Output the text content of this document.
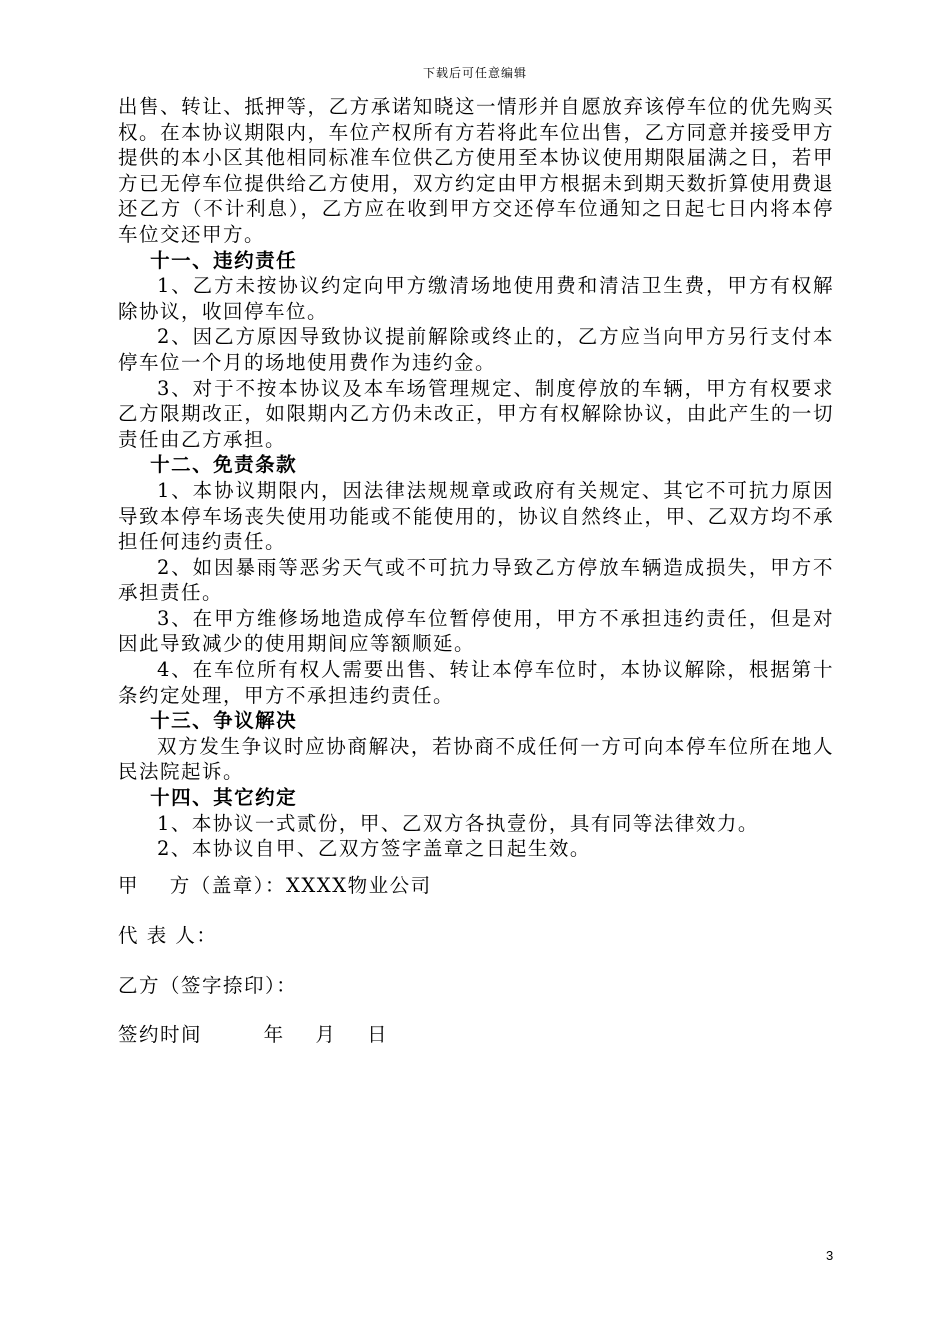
下载后可任意编辑

出售、转让、抵押等，乙方承诺知晓这一情形并自愿放弃该停车位的优先购买权。在本协议期限内，车位产权所有方若将此车位出售，乙方同意并接受甲方提供的本小区其他相同标准车位供乙方使用至本协议使用期限届满之日，若甲方已无停车位提供给乙方使用，双方约定由甲方根据未到期天数折算使用费退还乙方（不计利息），乙方应在收到甲方交还停车位通知之日起七日内将本停车位交还甲方。

十一、违约责任

1、乙方未按协议约定向甲方缴清场地使用费和清洁卫生费，甲方有权解除协议，收回停车位。

2、因乙方原因导致协议提前解除或终止的，乙方应当向甲方另行支付本停车位一个月的场地使用费作为违约金。

3、对于不按本协议及本车场管理规定、制度停放的车辆，甲方有权要求乙方限期改正，如限期内乙方仍未改正，甲方有权解除协议，由此产生的一切责任由乙方承担。

十二、免责条款

1、本协议期限内，因法律法规规章或政府有关规定、其它不可抗力原因导致本停车场丧失使用功能或不能使用的，协议自然终止，甲、乙双方均不承担任何违约责任。

2、如因暴雨等恶劣天气或不可抗力导致乙方停放车辆造成损失，甲方不承担责任。

3、在甲方维修场地造成停车位暂停使用，甲方不承担违约责任，但是对因此导致减少的使用期间应等额顺延。

4、在车位所有权人需要出售、转让本停车位时，本协议解除，根据第十条约定处理，甲方不承担违约责任。

十三、争议解决

双方发生争议时应协商解决，若协商不成任何一方可向本停车位所在地人民法院起诉。

十四、其它约定

1、本协议一式贰份，甲、乙双方各执壹份，具有同等法律效力。

2、本协议自甲、乙双方签字盖章之日起生效。

甲    方（盖章）：XXXX物业公司
代 表 人：
乙方（签字捺印）：
签约时间        年    月    日
3
